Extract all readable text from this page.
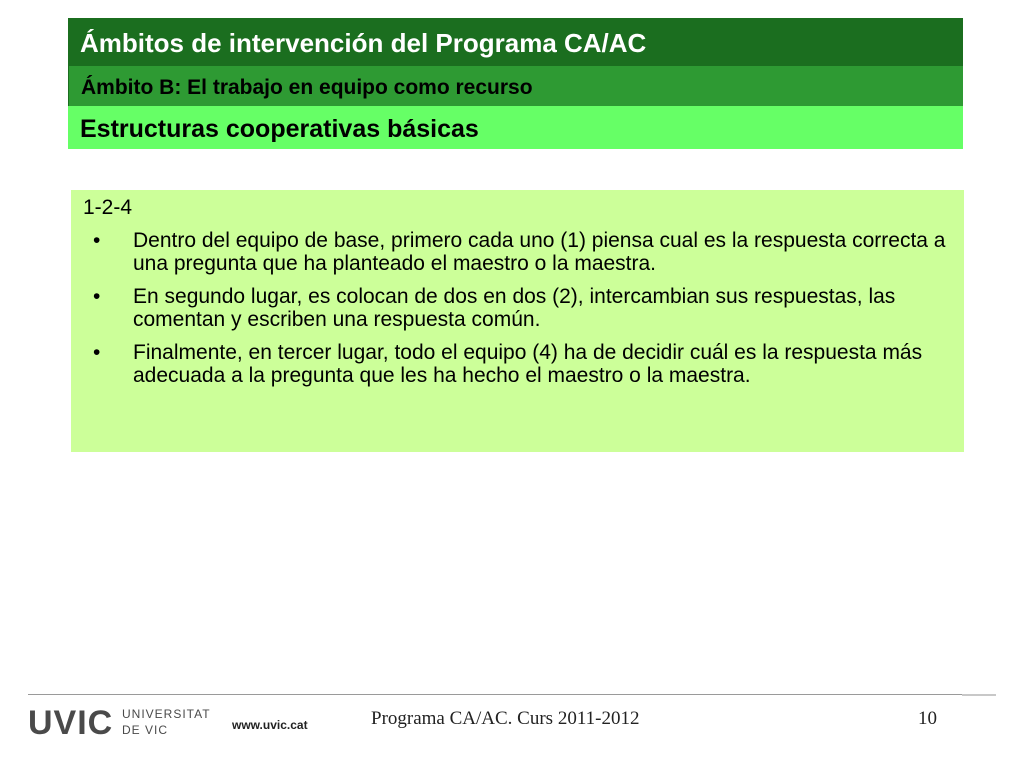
Ámbitos de intervención del Programa CA/AC
Ámbito B: El trabajo en equipo como recurso
Estructuras cooperativas básicas
1-2-4
• Dentro del equipo de base, primero cada uno (1) piensa cual es la respuesta correcta a una pregunta que ha planteado el maestro o la maestra.
• En segundo lugar, es colocan de dos en dos (2), intercambian sus respuestas, las comentan y escriben una respuesta común.
• Finalmente, en tercer lugar, todo el equipo (4) ha de decidir cuál es la respuesta más adecuada a la pregunta que les ha hecho el maestro o la maestra.
UVIC UNIVERSITAT
DE VIC	www.uvic.cat	Programa CA/AC. Curs 2011-2012	10
